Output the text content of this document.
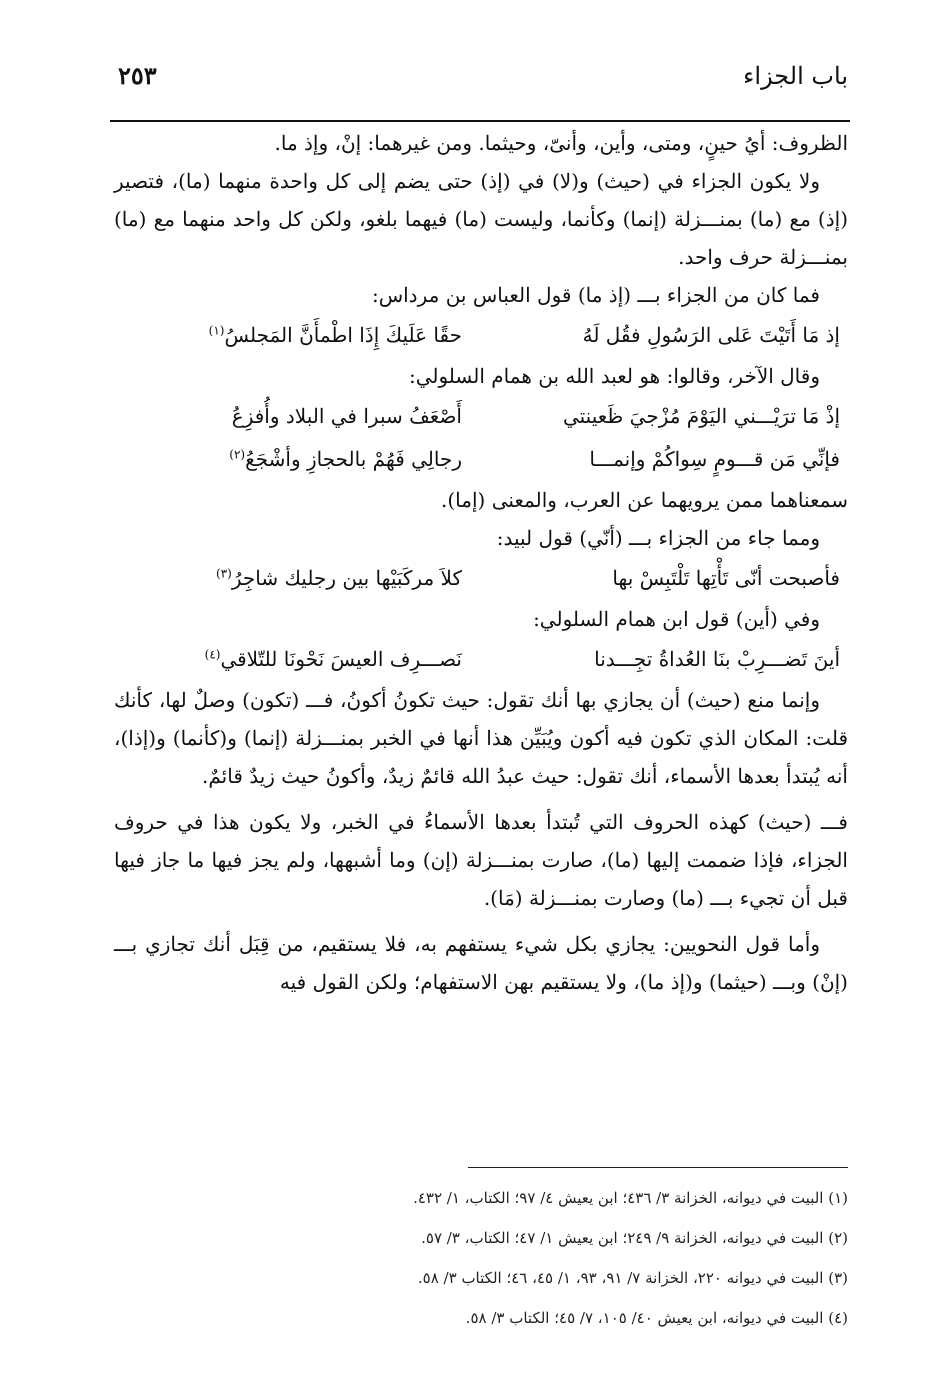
باب الجزاء
٢٥٣

الظروف: أيُ حينٍ، ومتى، وأين، وأنىّ، وحيثما. ومن غيرهما: إنْ، وإذ ما.

ولا يكون الجزاء في (حيث) و(لا) في (إذ) حتى يضم إلى كل واحدة منهما (ما)، فتصير (إذ) مع (ما) بمنـــزلة (إنما) وكأنما، وليست (ما) فيهما بلغو، ولكن كل واحد منهما مع (ما) بمنـــزلة حرف واحد.

فما كان من الجزاء بـــ (إذ ما) قول العباس بن مرداس:

إذ مَا أَتَيْتَ عَلى الرَسُولِ فقُل لَهُ
حقًا عَلَيكَ إِذَا اطْمأَنَّ المَجلسُ$^{(١)}$

وقال الآخر، وقالوا: هو لعبد الله بن همام السلولي:

إذْ مَا ترَيْـــني اليَوْمَ مُزْجيَ ظَعينتي
أَصْعَفُ سبرا في البلاد وأُفزِعُ
فإنِّي مَن قـــومٍ سِواكُمْ وإنمـــا
رجالِي فَهُمْ بالحجازِ وأشْجَعُ$^{(٢)}$

سمعناهما ممن يرويهما عن العرب، والمعنى (إما).

ومما جاء من الجزاء بـــ (أنّي) قول لبيد:

فأصبحت أنّى تَأْتِها تَلْتَبِسْ بها
كلاَ مركَبَيْها بين رجليك شاجِرُ$^{(٣)}$

وفي (أين) قول ابن همام السلولي:

أينَ تَضـــرِبْ بنَا العُداةُ تجِـــدنا
نَصـــرِف العيسَ نَحْونَا للتّلاقي$^{(٤)}$

وإنما منع (حيث) أن يجازي بها أنك تقول: حيث تكونُ أكونُ، فـــ (تكون) وصلٌ لها، كأنك قلت: المكان الذي تكون فيه أكون ويُبَيِّن هذا أنها في الخبر بمنـــزلة (إنما) و(كأنما) و(إذا)، أنه يُبتدأ بعدها الأسماء، أنك تقول: حيث عبدُ الله قائمٌ زيدٌ، وأكونُ حيث زيدٌ قائمٌ.

فـــ (حيث) كهذه الحروف التي تُبتدأ بعدها الأسماءُ في الخبر، ولا يكون هذا في حروف الجزاء، فإذا ضممت إليها (ما)، صارت بمنـــزلة (إن) وما أشبهها، ولم يجز فيها ما جاز فيها قبل أن تجيء بـــ (ما) وصارت بمنـــزلة (مَا).

وأما قول النحويين: يجازي بكل شيء يستفهم به، فلا يستقيم، من قِبَل أنك تجازي بـــ (إنْ) وبـــ (حيثما) و(إذ ما)، ولا يستقيم بهن الاستفهام؛ ولكن القول فيه

(١) البيت في ديوانه، الخزانة ٣/ ٤٣٦؛ ابن يعيش ٤/ ٩٧؛ الكتاب، ١/ ٤٣٢.
(٢) البيت في ديوانه، الخزانة ٩/ ٢٤٩؛ ابن يعيش ١/ ٤٧؛ الكتاب، ٣/ ٥٧.
(٣) البيت في ديوانه ٢٢٠، الخزانة ٧/ ٩١، ٩٣، ١/ ٤٥، ٤٦؛ الكتاب ٣/ ٥٨.
(٤) البيت في ديوانه، ابن يعيش ٤٠/ ١٠٥، ٧/ ٤٥؛ الكتاب ٣/ ٥٨.
